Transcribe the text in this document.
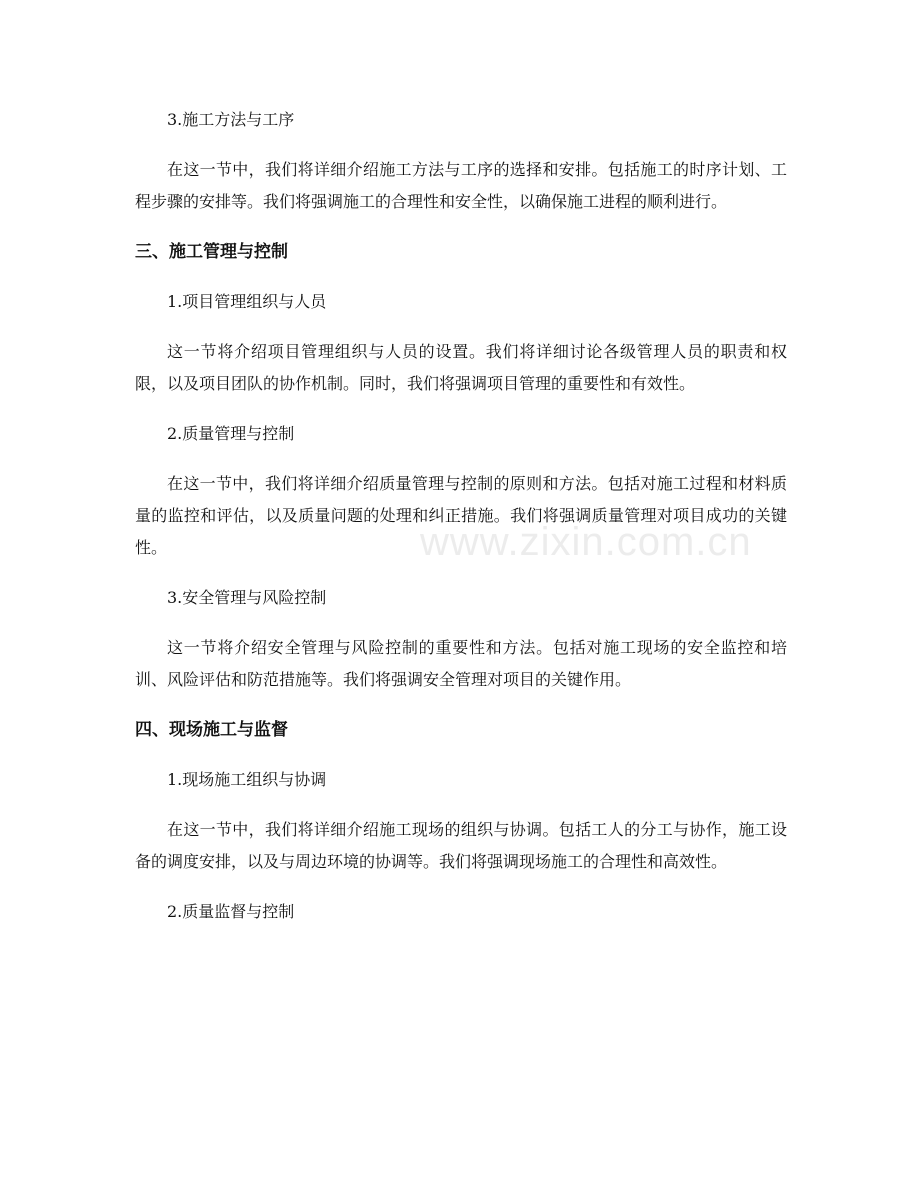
3.施工方法与工序

在这一节中，我们将详细介绍施工方法与工序的选择和安排。包括施工的时序计划、工程步骤的安排等。我们将强调施工的合理性和安全性，以确保施工进程的顺利进行。

三、施工管理与控制
1.项目管理组织与人员

这一节将介绍项目管理组织与人员的设置。我们将详细讨论各级管理人员的职责和权限，以及项目团队的协作机制。同时，我们将强调项目管理的重要性和有效性。

2.质量管理与控制

在这一节中，我们将详细介绍质量管理与控制的原则和方法。包括对施工过程和材料质量的监控和评估，以及质量问题的处理和纠正措施。我们将强调质量管理对项目成功的关键性。

3.安全管理与风险控制

这一节将介绍安全管理与风险控制的重要性和方法。包括对施工现场的安全监控和培训、风险评估和防范措施等。我们将强调安全管理对项目的关键作用。

四、现场施工与监督
1.现场施工组织与协调

在这一节中，我们将详细介绍施工现场的组织与协调。包括工人的分工与协作，施工设备的调度安排，以及与周边环境的协调等。我们将强调现场施工的合理性和高效性。

2.质量监督与控制
www.zixin.com.cn
